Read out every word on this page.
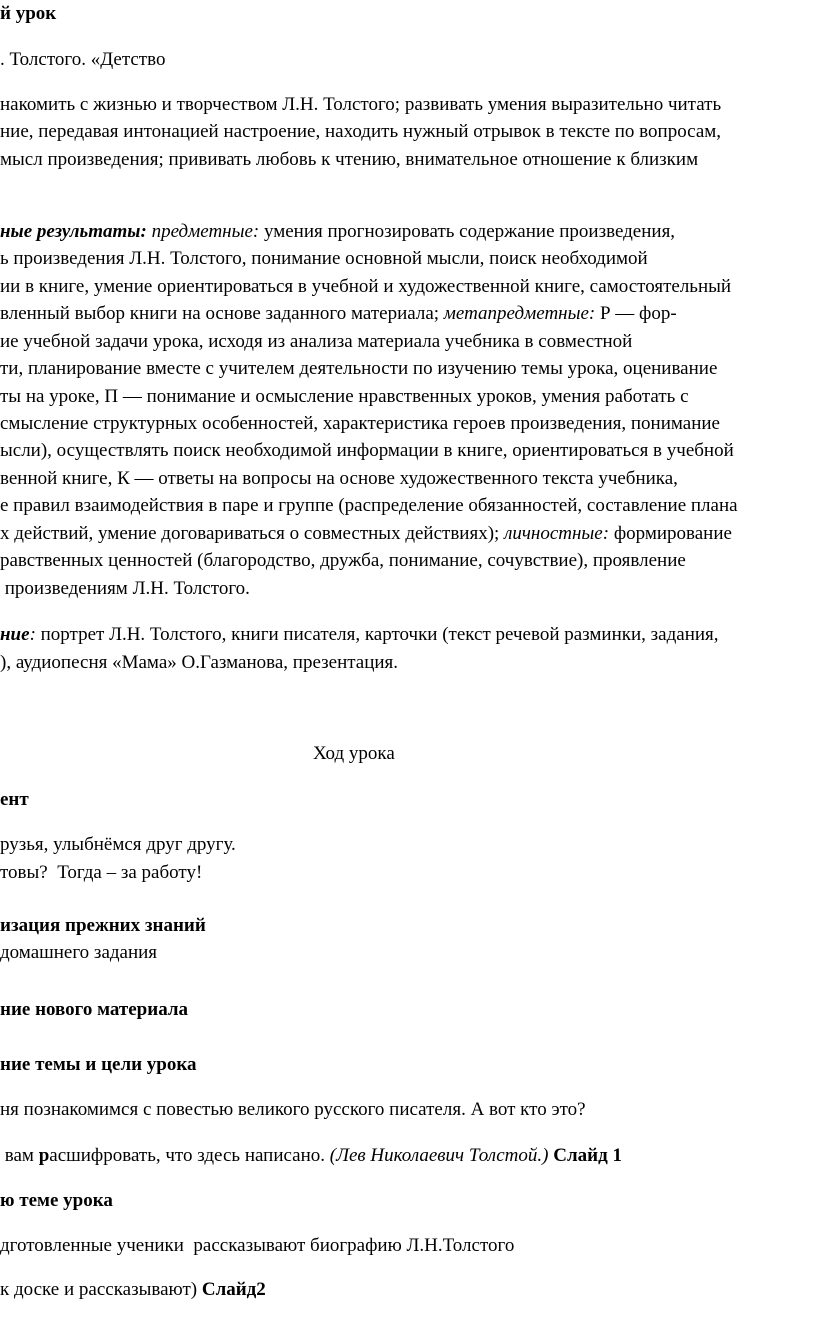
й урок

. Толстого. «Детство

накомить с жизнью и творчеством Л.Н. Толстого; развивать умения выразительно читать

ние, передавая интонацией настроение, находить нужный отрывок в тексте по вопросам,

мысл произведения; прививать любовь к чтению, внимательное отношение к близким

ные результаты: предметные: умения прогнозировать содержание произведения,

ь произведения Л.Н. Толстого, понимание основной мысли, поиск необходимой

ии в книге, умение ориентироваться в учебной и художественной книге, самостоятельный

вленный выбор книги на основе заданного материала; метапредметные: Р — фор-

ие учебной задачи урока, исходя из анализа материала учебника в совместной

ти, планирование вместе с учителем деятельности по изучению темы урока, оценивание

ты на уроке, П — понимание и осмысление нравственных уроков, умения работать с

смысление структурных особенностей, характеристика героев произведения, понимание

ысли), осуществлять поиск необходимой информации в книге, ориентироваться в учебной

венной книге, К — ответы на вопросы на основе художественного текста учебника,

е правил взаимодействия в паре и группе (распределение обязанностей, составление плана

х действий, умение договариваться о совместных действиях); личностные: формирование

равственных ценностей (благородство, дружба, понимание, сочувствие), проявление

произведениям Л.Н. Толстого.

ние: портрет Л.Н. Толстого, книги писателя, карточки (текст речевой разминки, задания,

), аудиопесня «Мама» О.Газманова, презентация.

Ход урока

ент

рузья, улыбнёмся друг другу.

товы?  Тогда – за работу!

изация прежних знаний

домашнего задания

ние нового материала

ние темы и цели урока

ня познакомимся с повестью великого русского писателя. А вот кто это?

вам расшифровать, что здесь написано. (Лев Николаевич Толстой.) Слайд 1

ю теме урока

дготовленные ученики  рассказывают биографию Л.Н.Толстого

к доске и рассказывают) Слайд2
